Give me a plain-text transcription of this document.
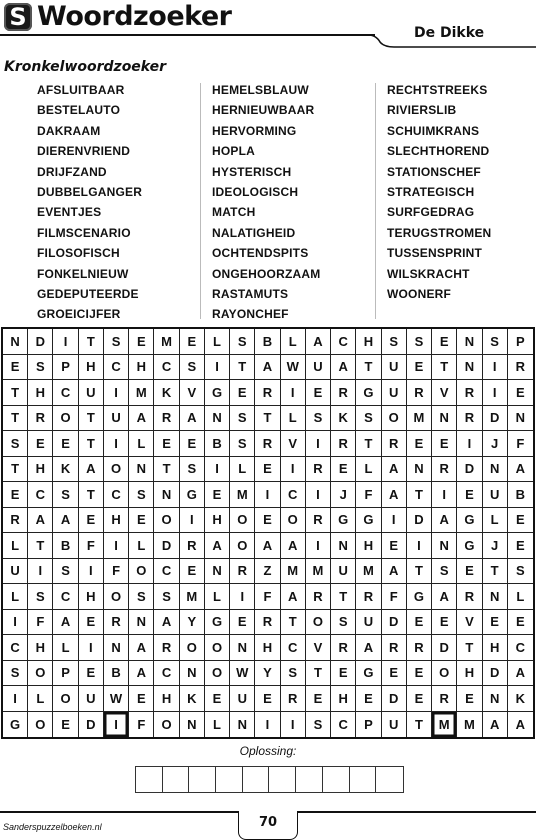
S Woordzoeker
De Dikke
Kronkelwoordzoeker
AFSLUITBAAR
BESTELAUTO
DAKRAAM
DIERENVRIEND
DRIJFZAND
DUBBELGANGER
EVENTJES
FILMSCENARIO
FILOSOFISCH
FONKELNIEUW
GEDEPUTEERDE
GROEICIJFER
HEMELSBLAUW
HERNIEUWBAAR
HERVORMING
HOPLA
HYSTERISCH
IDEOLOGISCH
MATCH
NALATIGHEID
OCHTENDSPITS
ONGEHOORZAAM
RASTAMUTS
RAYONCHEF
RECHTSTREEKS
RIVIERSLIB
SCHUIMKRANS
SLECHTHOREND
STATIONSCHEF
STRATEGISCH
SURFGEDRAG
TERUGSTROMEN
TUSSENSPRINT
WILSKRACHT
WOONERF
N	D	I	T	S	E	M	E	L	S	B	L	A	C	H	S	S	E	N	S	P
E	S	P	H	C	H	C	S	I	T	A	W	U	A	T	U	E	T	N	I	R
T	H	C	U	I	M	K	V	G	E	R	I	E	R	G	U	R	V	R	I	E
T	R	O	T	U	A	R	A	N	S	T	L	S	K	S	O	M	N	R	D	N
S	E	E	T	I	L	E	E	B	S	R	V	I	R	T	R	E	E	I	J	F
T	H	K	A	O	N	T	S	I	L	E	I	R	E	L	A	N	R	D	N	A
E	C	S	T	C	S	N	G	E	M	I	C	I	J	F	A	T	I	E	U	B
R	A	A	E	H	E	O	I	H	O	E	O	R	G	G	I	D	A	G	L	E
L	T	B	F	I	L	D	R	A	O	A	A	I	N	H	E	I	N	G	J	E
U	I	S	I	F	O	C	E	N	R	Z	M	M	U	M	A	T	S	E	T	S
L	S	C	H	O	S	S	M	L	I	F	A	R	T	R	F	G	A	R	N	L
I	F	A	E	R	N	A	Y	G	E	R	T	O	S	U	D	E	E	V	E	E
C	H	L	I	N	A	R	O	O	N	H	C	V	R	A	R	R	D	T	H	C
S	O	P	E	B	A	C	N	O	W	Y	S	T	E	G	E	E	O	H	D	A
I	L	O	U	W	E	H	K	E	U	E	R	E	H	E	D	E	R	E	N	K
G	O	E	D	I	F	O	N	L	N	I	I	S	C	P	U	T	M	M	A	A
Oplossing:
Sanderspuzzelboeken.nl	70
